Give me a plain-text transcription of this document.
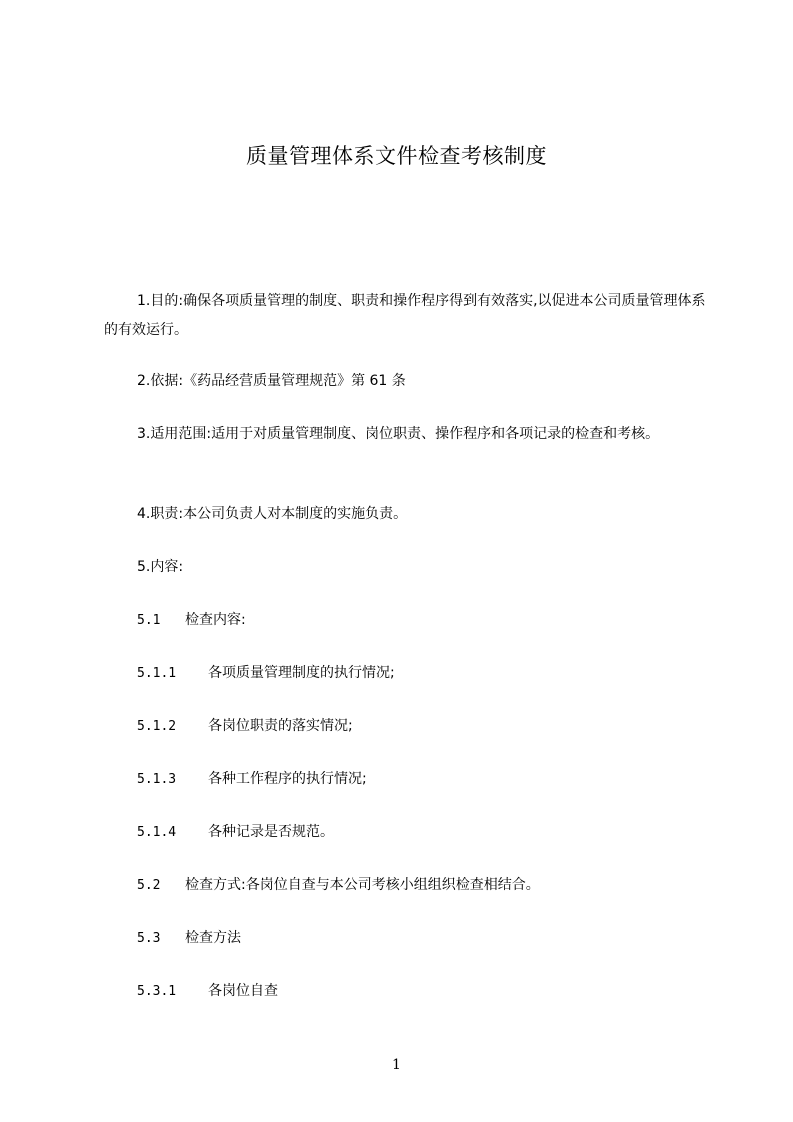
质量管理体系文件检查考核制度
1.目的:确保各项质量管理的制度、职责和操作程序得到有效落实,以促进本公司质量管理体系的有效运行。
2.依据:《药品经营质量管理规范》第 61 条
3.适用范围:适用于对质量管理制度、岗位职责、操作程序和各项记录的检查和考核。
4.职责:本公司负责人对本制度的实施负责。
5.内容:
5.1 检查内容:
5.1.1 各项质量管理制度的执行情况;
5.1.2 各岗位职责的落实情况;
5.1.3 各种工作程序的执行情况;
5.1.4 各种记录是否规范。
5.2 检查方式:各岗位自查与本公司考核小组组织检查相结合。
5.3 检查方法
5.3.1 各岗位自查
1
